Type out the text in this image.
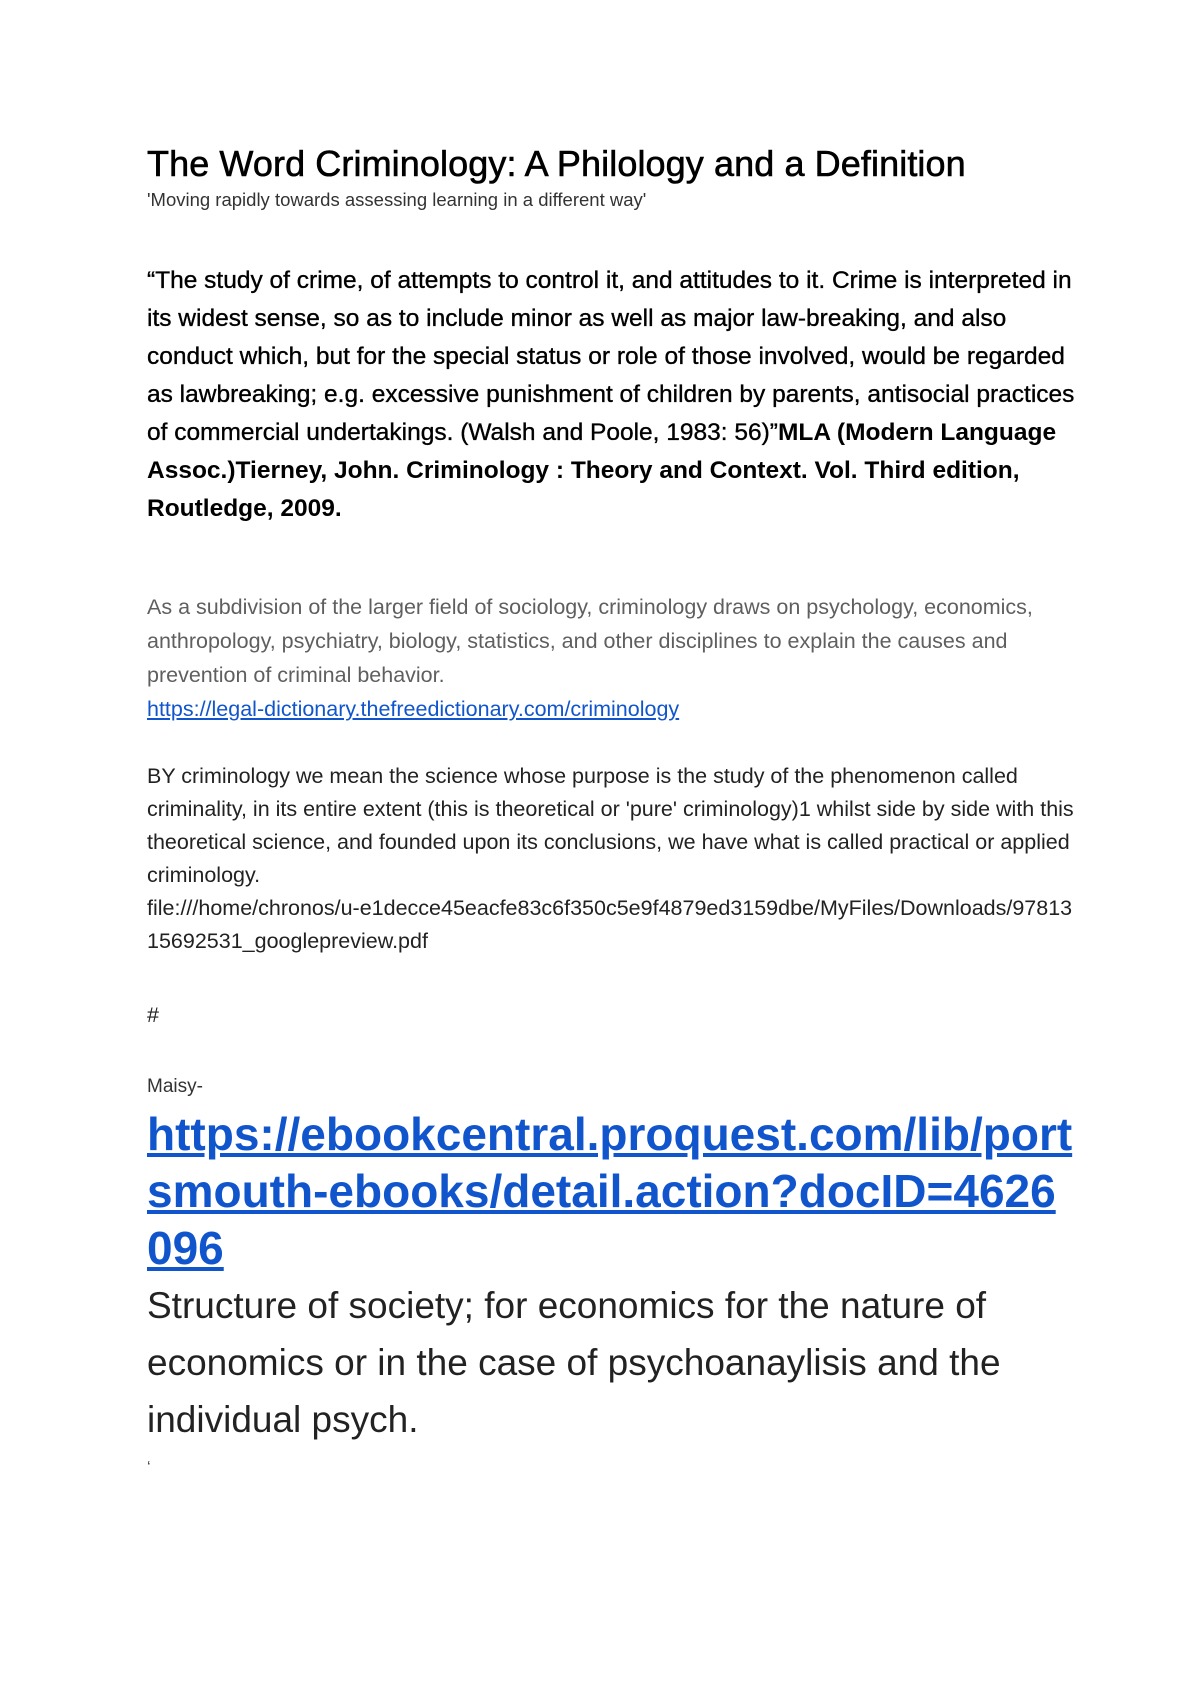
The Word Criminology: A Philology and a Definition

'Moving rapidly towards assessing learning in a different way'

“The study of crime, of attempts to control it, and attitudes to it. Crime is interpreted in its widest sense, so as to include minor as well as major law-breaking, and also conduct which, but for the special status or role of those involved, would be regarded as lawbreaking; e.g. excessive punishment of children by parents, antisocial practices of commercial undertakings. (Walsh and Poole, 1983: 56)”MLA (Modern Language Assoc.)Tierney, John. Criminology : Theory and Context. Vol. Third edition, Routledge, 2009.

As a subdivision of the larger field of sociology, criminology draws on psychology, economics, anthropology, psychiatry, biology, statistics, and other disciplines to explain the causes and prevention of criminal behavior.
https://legal-dictionary.thefreedictionary.com/criminology

BY criminology we mean the science whose purpose is the study of the phenomenon called criminality, in its entire extent (this is theoretical or 'pure' criminology)1 whilst side by side with this theoretical science, and founded upon its conclusions, we have what is called practical or applied criminology.
file:///home/chronos/u-e1decce45eacfe83c6f350c5e9f4879ed3159dbe/MyFiles/Downloads/9781315692531_googlepreview.pdf

#

Maisy-

https://ebookcentral.proquest.com/lib/portsmouth-ebooks/detail.action?docID=4626096

Structure of society; for economics for the nature of economics or in the case of psychoanaylisis and the individual psych.

‘
